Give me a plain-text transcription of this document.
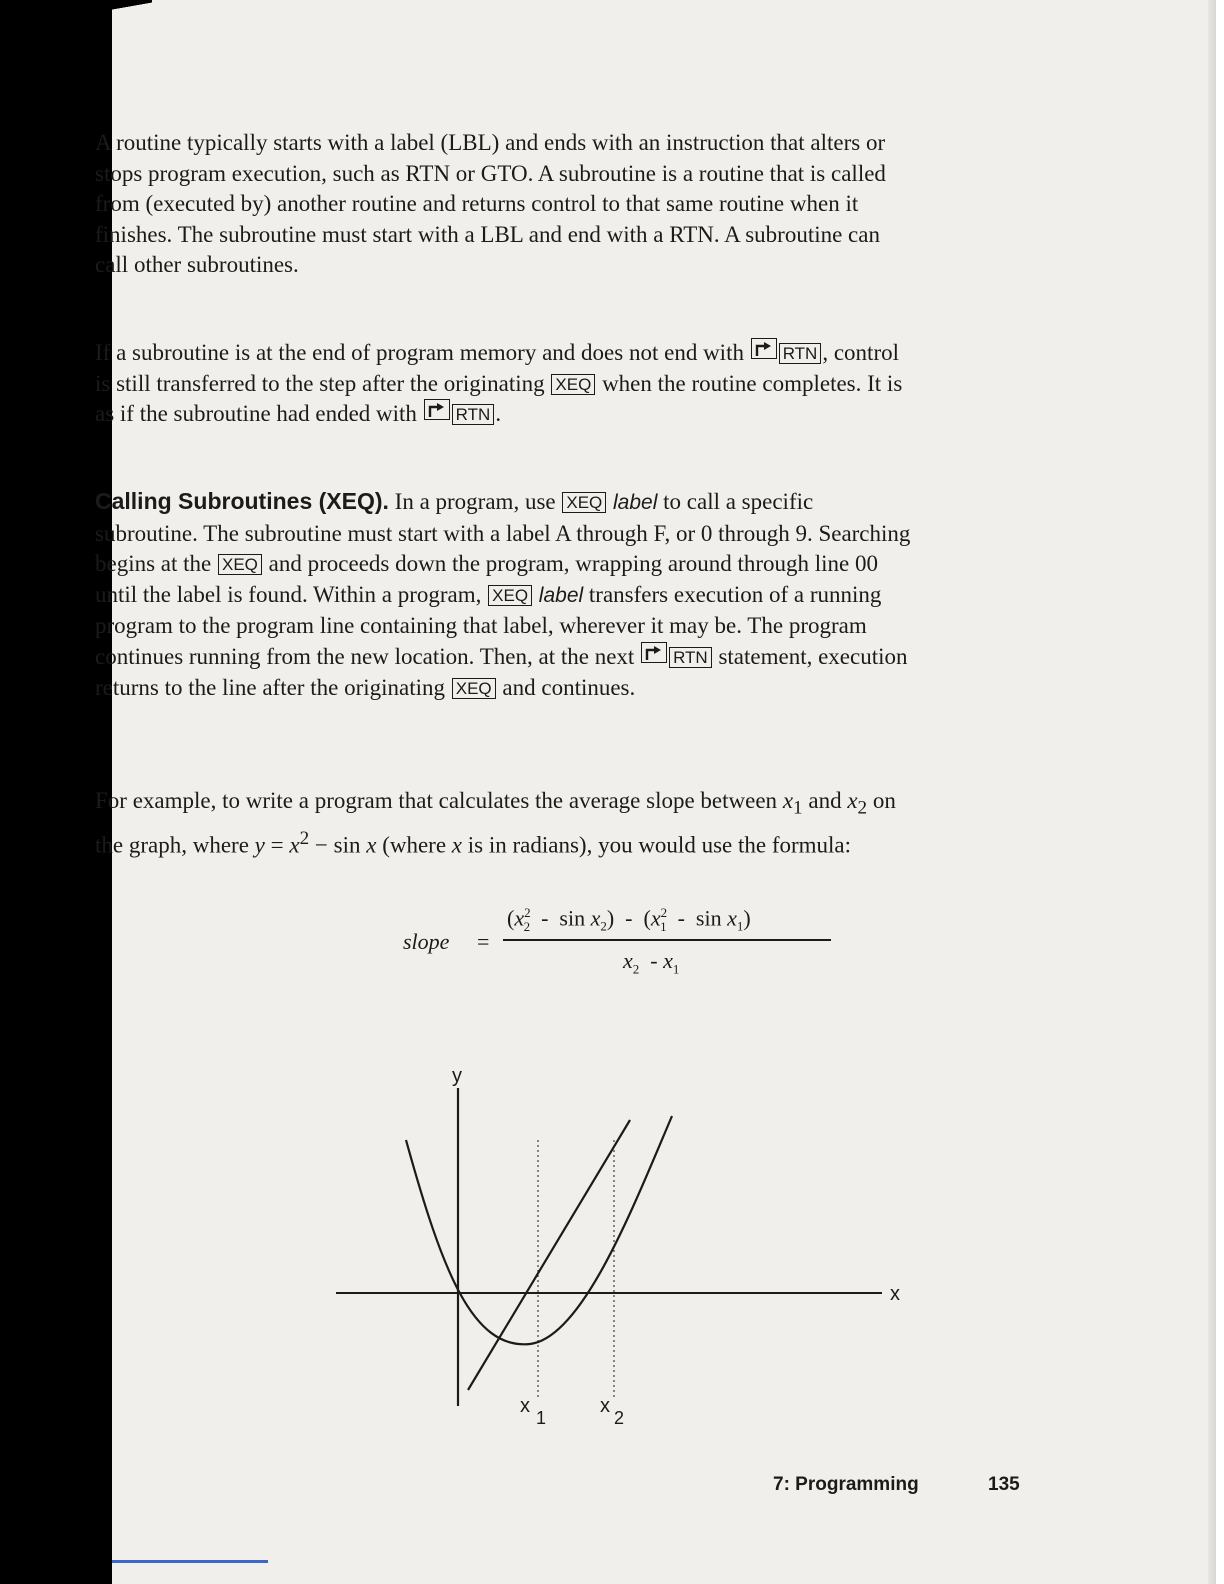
A routine typically starts with a label (LBL) and ends with an instruction that alters or stops program execution, such as RTN or GTO. A subroutine is a routine that is called from (executed by) another routine and returns control to that same routine when it finishes. The subroutine must start with a LBL and end with a RTN. A subroutine can call other subroutines.

If a subroutine is at the end of program memory and does not end with RTN , control is still transferred to the step after the originating XEQ when the routine completes. It is as if the subroutine had ended with RTN .

Calling Subroutines (XEQ). In a program, use XEQ label to call a specific subroutine. The subroutine must start with a label A through F, or 0 through 9. Searching begins at the XEQ and proceeds down the program, wrapping around through line 00 until the label is found. Within a program, XEQ label transfers execution of a running program to the program line containing that label, wherever it may be. The program continues running from the new location. Then, at the next
RTN statement, execution returns to the line after the originating XEQ and continues.

For example, to write a program that calculates the average slope between $x_1$ and $x_2$ on the graph, where $y = x^2 - \sin x$ (where x is in radians), you would use the formula:

slope =
($x^2_2$  -  $\sin x_2) - (x^2_1$  -  $\sin x_1$)
$x_2 - x_1$
y
x
x
1
x
2
7: Programming	135
